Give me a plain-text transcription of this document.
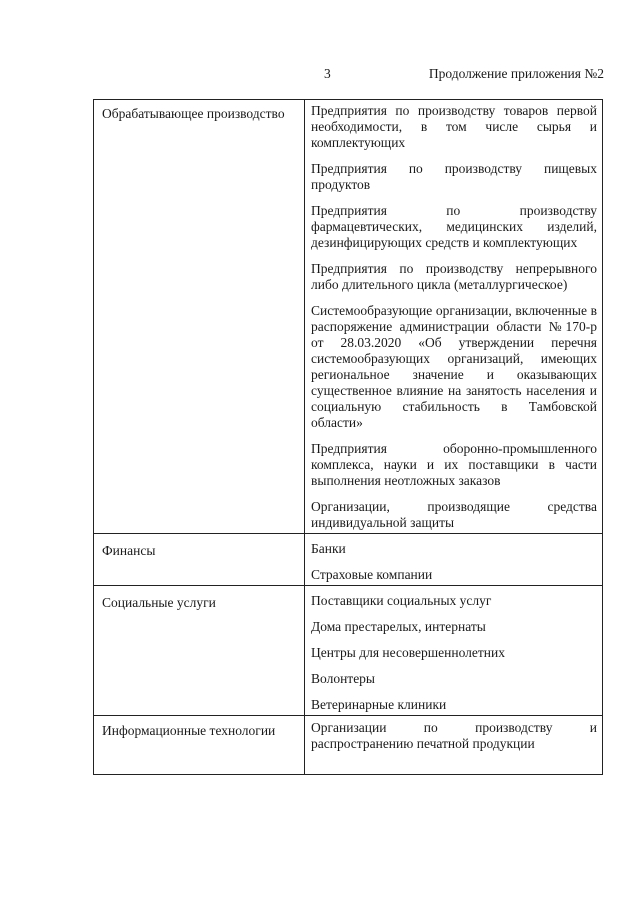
3	Продолжение приложения №2
Обрабатывающее производство	Предприятия по производству товаров первой необходимости, в том числе сырья и комплектующих

Предприятия по производству пищевых продуктов

Предприятия по производству фармацевтических, медицинских изделий, дезинфицирующих средств и комплектующих

Предприятия по производству непрерывного либо длительного цикла (металлургическое)

Системообразующие организации, включенные в распоряжение администрации области №170-р от 28.03.2020 «Об утверждении перечня системообразующих организаций, имеющих региональное значение и оказывающих существенное влияние на занятость населения и социальную стабильность в Тамбовской области»

Предприятия оборонно-промышленного комплекса, науки и их поставщики в части выполнения неотложных заказов

Организации, производящие средства индивидуальной защиты

Финансы	Банки

Страховые компании

Социальные услуги	Поставщики социальных услуг

Дома престарелых, интернаты

Центры для несовершеннолетних

Волонтеры

Ветеринарные клиники

Информационные технологии	Организации по производству и распространению печатной продукции
